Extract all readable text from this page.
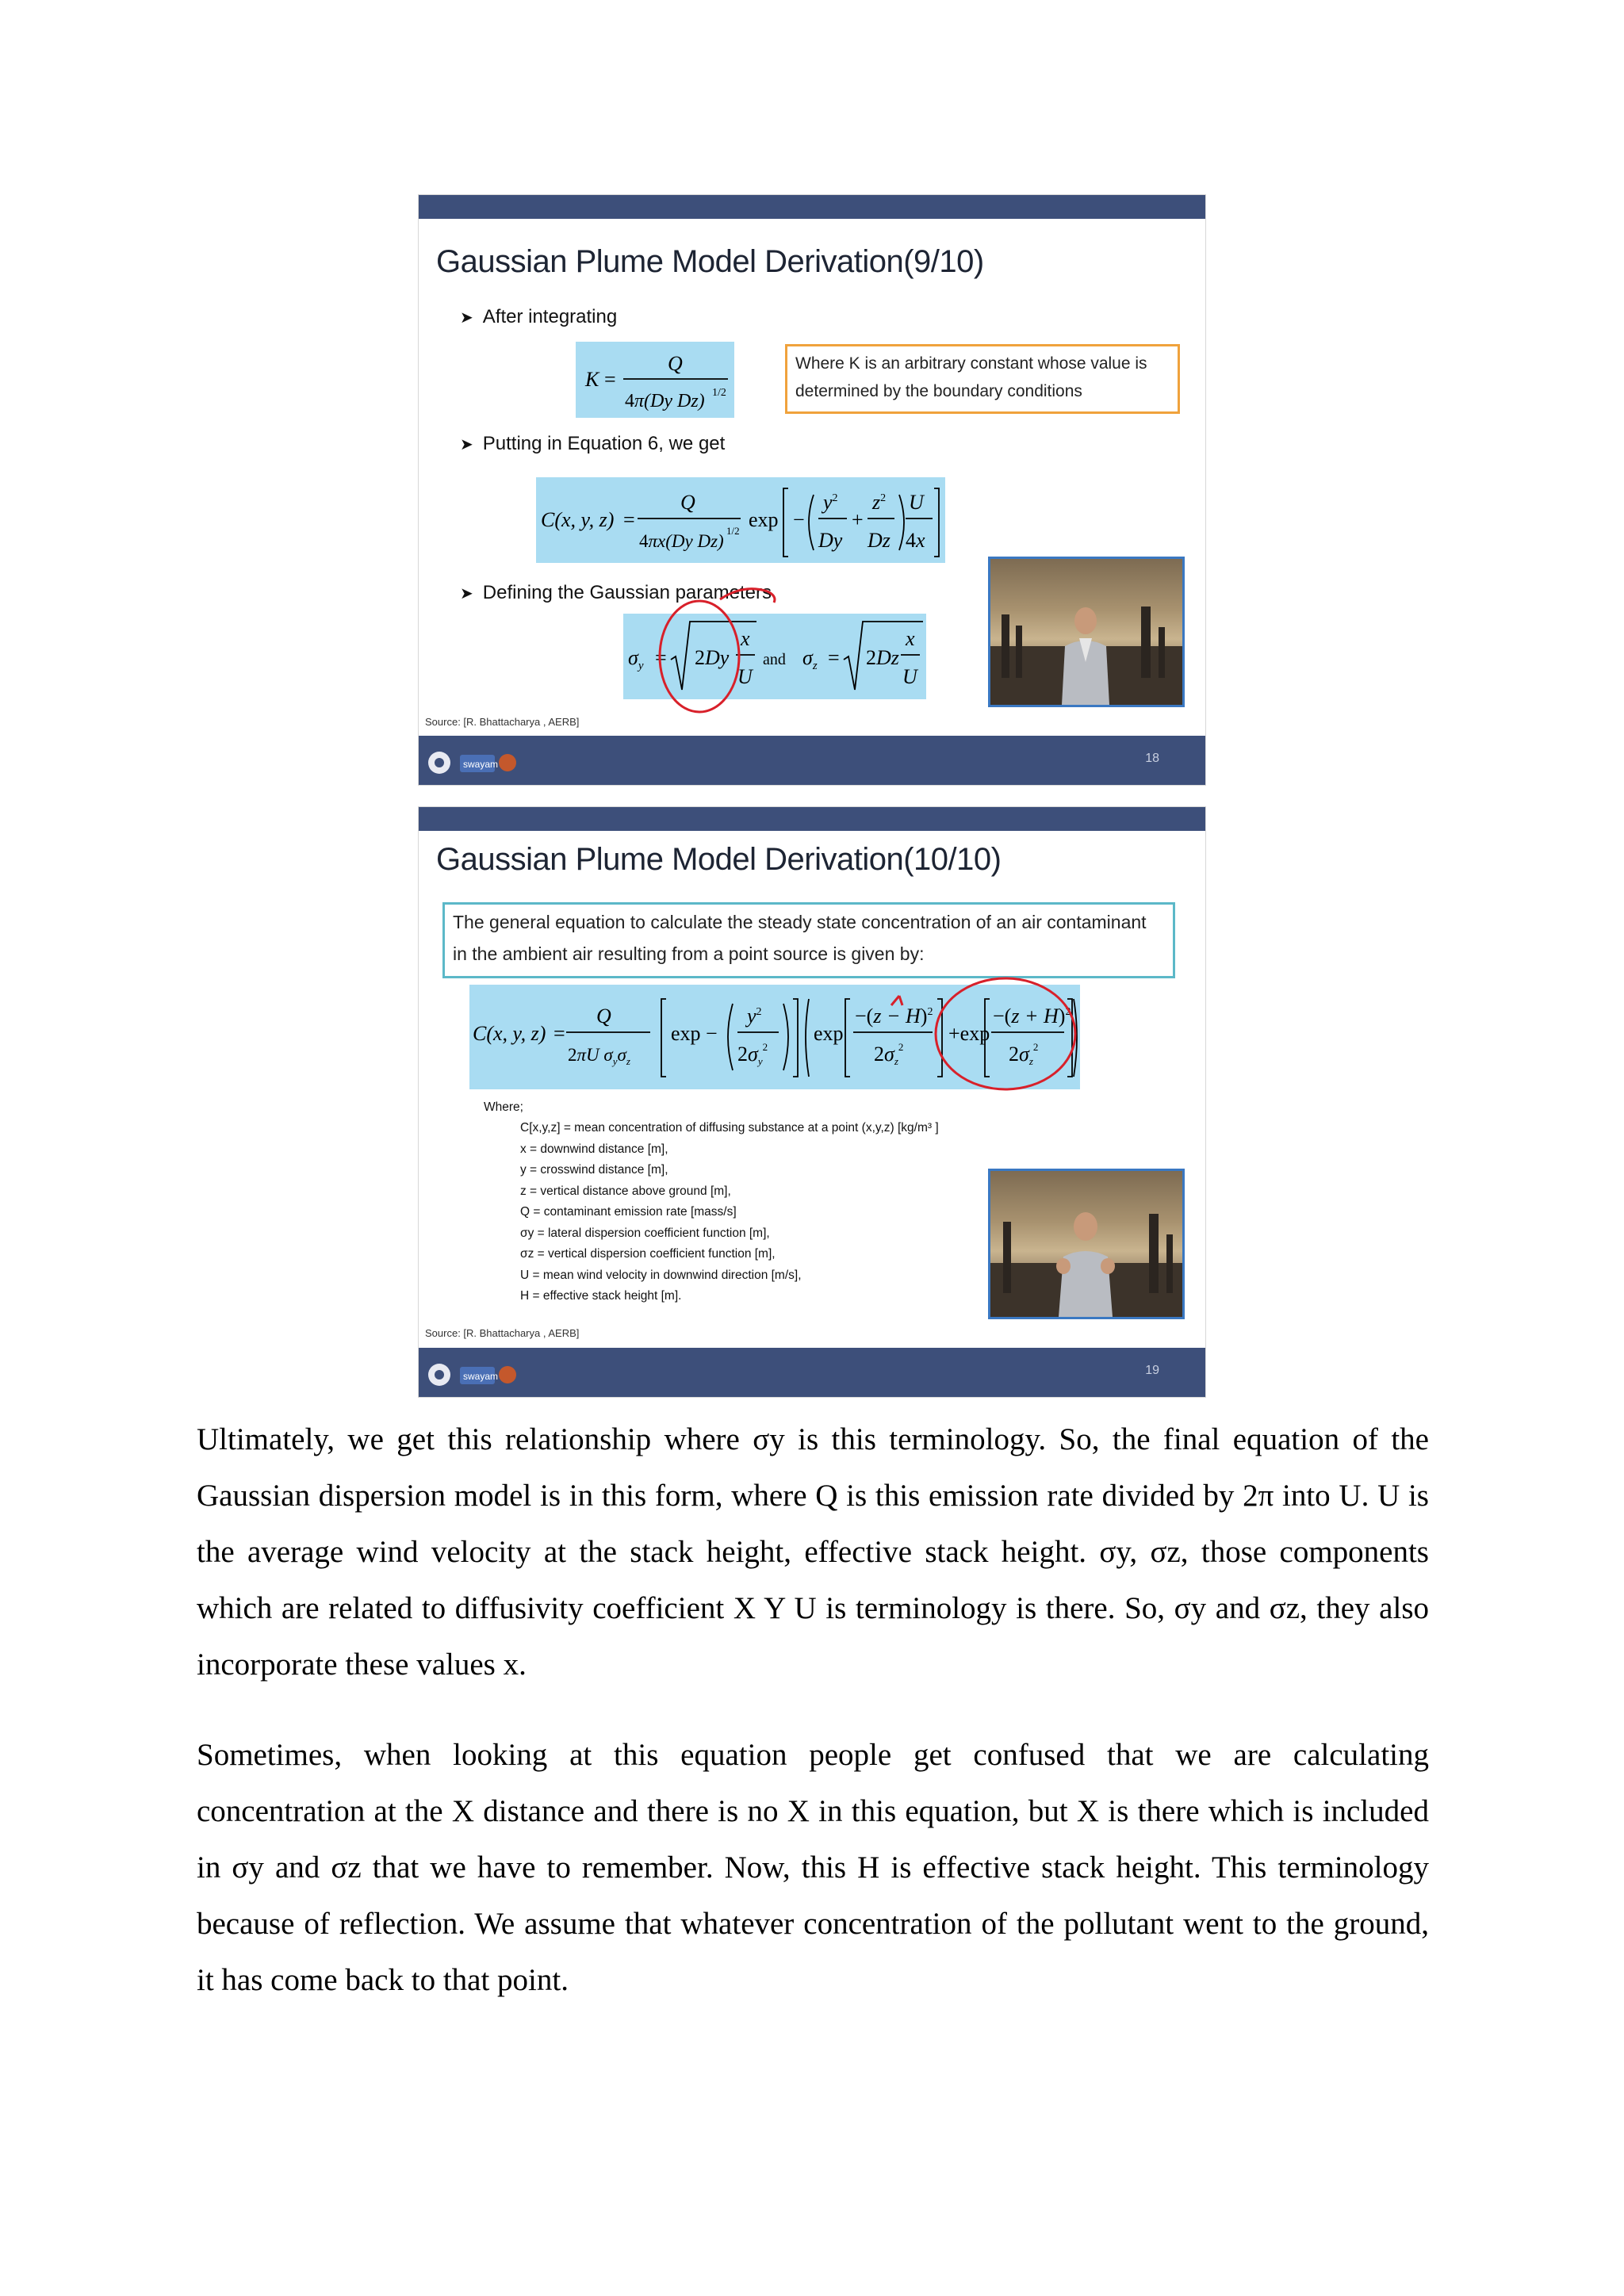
Gaussian Plume Model Derivation(9/10)
➤ After integrating
K =
Q
4π(Dy Dz) 1/2
Where K is an arbitrary constant whose value is determined by the boundary conditions
➤ Putting in Equation 6, we get
C(x, y, z) =
Q
4πx(Dy Dz)
1/2 exp −
$y^2$
Dy
+
$z^2$
Dz
U
4x
➤ Defining the Gaussian parameters
$\sigma_y = 2Dy$
x
U
and $\sigma_z = 2Dz$
x
U
Source: [R. Bhattacharya , AERB]
swayam	18
Gaussian Plume Model Derivation(10/10)
The general equation to calculate the steady state concentration of an air contaminant in the ambient air resulting from a point source is given by:
C(x, y, z) =
Q
2πU $\sigma_y\sigma_z$
exp −
$y^2$
$2\sigma y^2$
exp
$-(z - H)^2$
$2\sigma z^2$
+exp
$-(z + H)^2$
$2\sigma z^2$
Where;
C[x,y,z] = mean concentration of diffusing substance at a point (x,y,z) [kg/m³ ]
x = downwind distance [m],
y = crosswind distance [m],
z = vertical distance above ground [m],
Q = contaminant emission rate [mass/s]
σy = lateral dispersion coefficient function [m],
σz = vertical dispersion coefficient function [m],
U = mean wind velocity in downwind direction [m/s],
H = effective stack height [m].
Source: [R. Bhattacharya , AERB]
swayam	19

Ultimately, we get this relationship where σy is this terminology. So, the final equation of the Gaussian dispersion model is in this form, where Q is this emission rate divided by 2π into U. U is the average wind velocity at the stack height, effective stack height. σy, σz, those components which are related to diffusivity coefficient X Y U is terminology is there. So, σy and σz, they also incorporate these values x.

Sometimes, when looking at this equation people get confused that we are calculating concentration at the X distance and there is no X in this equation, but X is there which is included in σy and σz that we have to remember. Now, this H is effective stack height. This terminology because of reflection. We assume that whatever concentration of the pollutant went to the ground, it has come back to that point.
